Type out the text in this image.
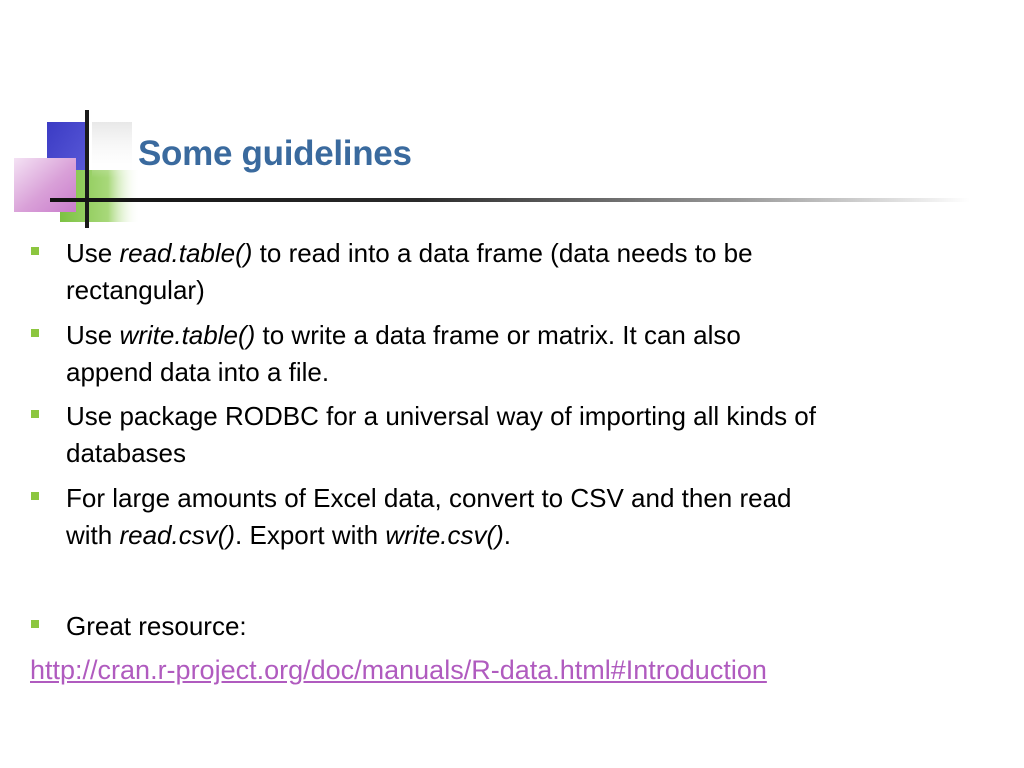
Some guidelines
Use read.table() to read into a data frame (data needs to be
rectangular)
Use write.table() to write a data frame or matrix. It can also
append data into a file.
Use package RODBC for a universal way of importing all kinds of
databases
For large amounts of Excel data, convert to CSV and then read
with read.csv(). Export with write.csv().
Great resource:
http://cran.r-project.org/doc/manuals/R-data.html#Introduction
